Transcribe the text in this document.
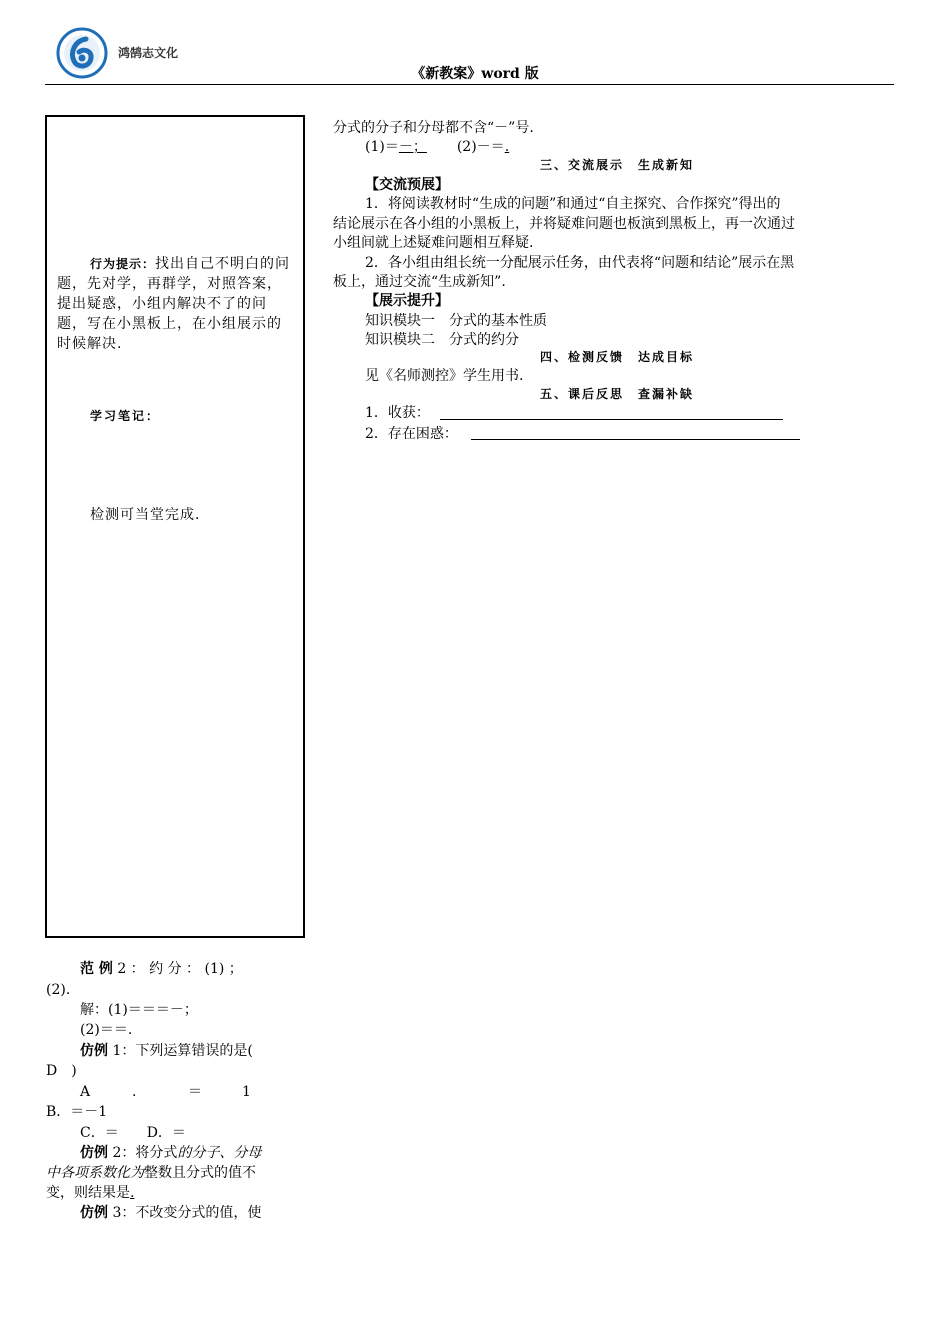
鸿鹄志文化
《新教案》word 版
行为提示：找出自己不明白的问题，先对学，再群学，对照答案，提出疑惑，小组内解决不了的问题，写在小黑板上，在小组展示的时候解决.
学习笔记：
检测可当堂完成.
分式的分子和分母都不含“－”号.
(1)＝－； (2)－＝.
三、交流展示　生成新知
【交流预展】
1．将阅读教材时“生成的问题”和通过“自主探究、合作探究”得出的
结论展示在各小组的小黑板上，并将疑难问题也板演到黑板上，再一次通过
小组间就上述疑难问题相互释疑.
2．各小组由组长统一分配展示任务，由代表将“问题和结论”展示在黑
板上，通过交流“生成新知”.
【展示提升】
知识模块一　分式的基本性质
知识模块二　分式的约分
四、检测反馈　达成目标
见《名师测控》学生用书.
五、课后反思　查漏补缺
1．收获：
2．存在困惑：
范 例 2 ： 约 分 ： (1) ；
(2).
解：(1)＝＝＝－；
(2)＝＝.
仿例 1：下列运算错误的是(
D　)
A	.	＝	1
B．＝－1
C．＝　　D．＝
仿例 2：将分式的分子、分母
中各项系数化为整数且分式的值不
变，则结果是.
仿例 3：不改变分式的值，使
